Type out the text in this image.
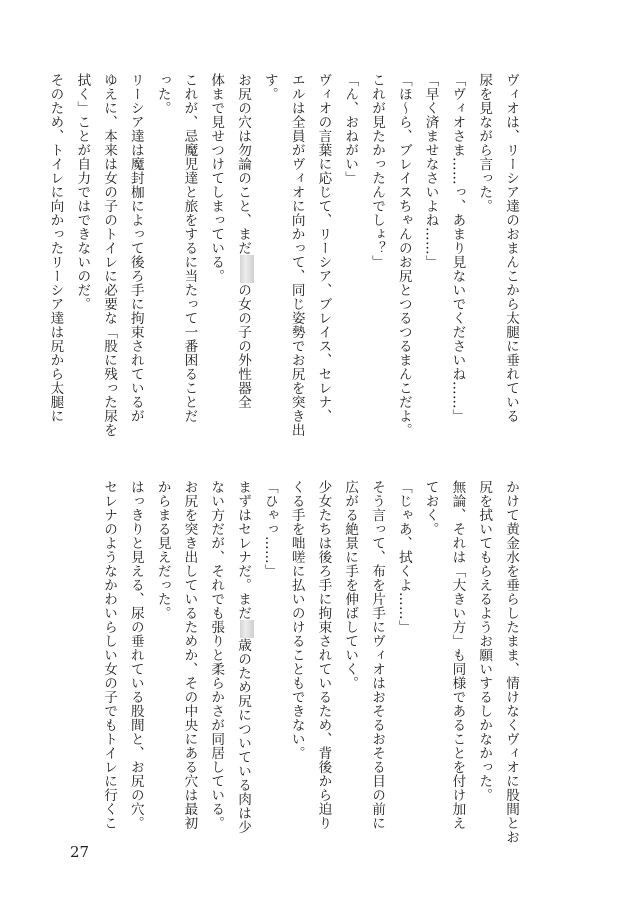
ヴィオは、リーシア達のおまんこから太腿に垂れている
尿を見ながら言った。
「ヴィオさま……っ、あまり見ないでくださいね……」
「早く済ませなさいよね……」
「ほ～ら、ブレイスちゃんのお尻とつるつるまんこだよ。
これが見たかったんでしょ？」
「ん、おねがい」
ヴィオの言葉に応じて、リーシア、ブレイス、セレナ、
エルは全員がヴィオに向かって、同じ姿勢でお尻を突き出
す。
お尻の穴は勿論のこと、まだの女の子の外性器全
体まで見せつけてしまっている。
これが、忌魔児達と旅をするに当たって一番困ることだ
った。
リーシア達は魔封枷によって後ろ手に拘束されているが
ゆえに、本来は女の子のトイレに必要な「股に残った尿を
拭く」ことが自力ではできないのだ。
そのため、トイレに向かったリーシア達は尻から太腿に
かけて黄金水を垂らしたまま、情けなくヴィオに股間とお
尻を拭いてもらえるようお願いするしかなかった。
無論、それは「大きい方」も同様であることを付け加え
ておく。
「じゃあ、拭くよ……」
そう言って、布を片手にヴィオはおそるおそる目の前に
広がる絶景に手を伸ばしていく。
少女たちは後ろ手に拘束されているため、背後から迫り
くる手を咄嗟に払いのけることもできない。
「ひゃっ……」
まずはセレナだ。まだ歳のため尻についている肉は少
ない方だが、それでも張りと柔らかさが同居している。
お尻を突き出しているためか、その中央にある穴は最初
からまる見えだった。
はっきりと見える、尿の垂れている股間と、お尻の穴。
セレナのようなかわいらしい女の子でもトイレに行くこ
27
